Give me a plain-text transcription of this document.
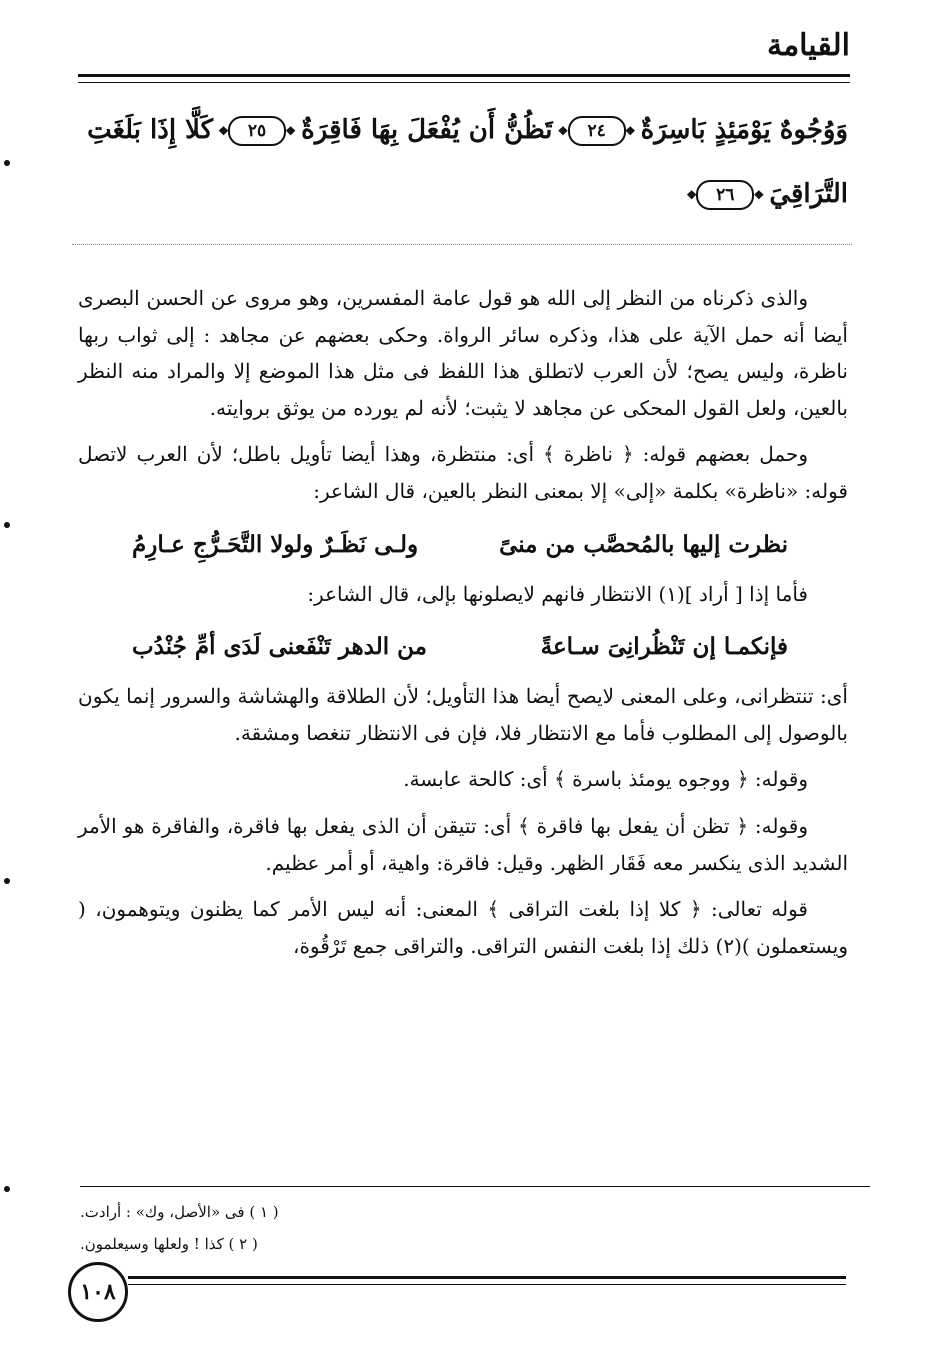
القيامة
وَوُجُوهٌ يَوْمَئِذٍ بَاسِرَةٌ ❖ ٢٤ ❖ تَظُنُّ أَن يُفْعَلَ بِهَا فَاقِرَةٌ ❖ ٢٥ ❖ كَلَّا إِذَا بَلَغَتِ
التَّرَاقِيَ ❖ ٢٦ ❖

والذى ذكرناه من النظر إلى الله هو قول عامة المفسرين، وهو مروى عن الحسن البصرى أيضا أنه حمل الآية على هذا، وذكره سائر الرواة. وحكى بعضهم عن مجاهد : إلى ثواب ربها ناظرة، وليس يصح؛ لأن العرب لاتطلق هذا اللفظ فى مثل هذا الموضع إلا والمراد منه النظر بالعين، ولعل القول المحكى عن مجاهد لا يثبت؛ لأنه لم يورده من يوثق بروايته.

وحمل بعضهم قوله: ﴿ ناظرة ﴾ أى: منتظرة، وهذا أيضا تأويل باطل؛ لأن العرب لاتصل قوله: «ناظرة» بكلمة «إلى» إلا بمعنى النظر بالعين، قال الشاعر:

نظرت إليها بالمُحصَّب من منىً
ولـى نَظَـرٌ ولولا التَّحَـرُّجِ عـارِمُ

فأما إذا [ أراد ](١) الانتظار فانهم لايصلونها بإلى، قال الشاعر:

فإنكمـا إن تَنْظُرانِىَ سـاعةً
من الدهر تَنْفَعنى لَدَى أمِّ جُنْدُب

أى: تنتظرانى، وعلى المعنى لايصح أيضا هذا التأويل؛ لأن الطلاقة والهشاشة والسرور إنما يكون بالوصول إلى المطلوب فأما مع الانتظار فلا، فإن فى الانتظار تنغصا ومشقة.

وقوله: ﴿ ووجوه يومئذ باسرة ﴾ أى: كالحة عابسة.

وقوله: ﴿ تظن أن يفعل بها فاقرة ﴾ أى: تتيقن أن الذى يفعل بها فاقرة، والفاقرة هو الأمر الشديد الذى ينكسر معه فَقَار الظهر. وقيل: فاقرة: واهية، أو أمر عظيم.

قوله تعالى: ﴿ كلا إذا بلغت التراقى ﴾ المعنى: أنه ليس الأمر كما يظنون ويتوهمون، ( ويستعملون )(٢) ذلك إذا بلغت النفس التراقى. والتراقى جمع تَرْقُوة،

( ١ ) فى «الأصل، وك» : أرادت.
( ٢ ) كذا ! ولعلها وسيعلمون.
١٠٨
